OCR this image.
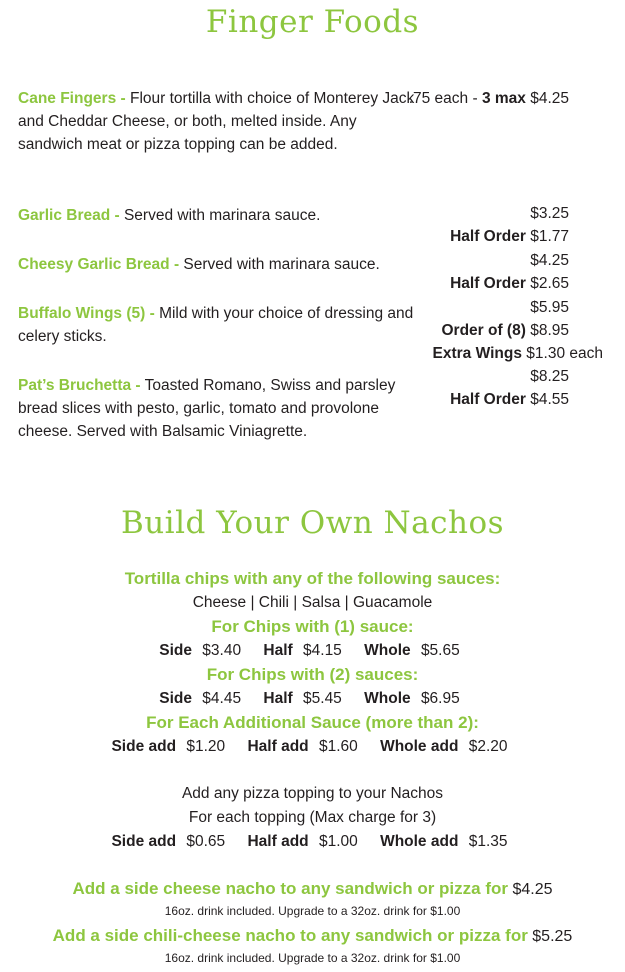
Finger Foods
Cane Fingers - Flour tortilla with choice of Monterey Jack and Cheddar Cheese, or both, melted inside. Any sandwich meat or pizza topping can be added.
.75 each - 3 max $4.25
Garlic Bread - Served with marinara sauce.	$3.25
Half Order $1.77
Cheesy Garlic Bread - Served with marinara sauce.	$4.25
Half Order $2.65
Buffalo Wings (5) - Mild with your choice of dressing and celery sticks.
$5.95
Order of (8) $8.95
Extra Wings $1.30 each
Pat’s Bruchetta - Toasted Romano, Swiss and parsley bread slices with pesto, garlic, tomato and provolone cheese. Served with Balsamic Viniagrette.
$8.25
Half Order $4.55
Build Your Own Nachos
Tortilla chips with any of the following sauces:
Cheese | Chili | Salsa | Guacamole
For Chips with (1) sauce:
Side $3.40 Half $4.15 Whole $5.65
For Chips with (2) sauces:
Side $4.45 Half $5.45 Whole $6.95
For Each Additional Sauce (more than 2):
Side add $1.20 Half add $1.60 Whole add $2.20
Add any pizza topping to your Nachos
For each topping (Max charge for 3)
Side add $0.65 Half add $1.00 Whole add $1.35
Add a side cheese nacho to any sandwich or pizza for $4.25
16oz. drink included. Upgrade to a 32oz. drink for $1.00
Add a side chili-cheese nacho to any sandwich or pizza for $5.25
16oz. drink included. Upgrade to a 32oz. drink for $1.00
